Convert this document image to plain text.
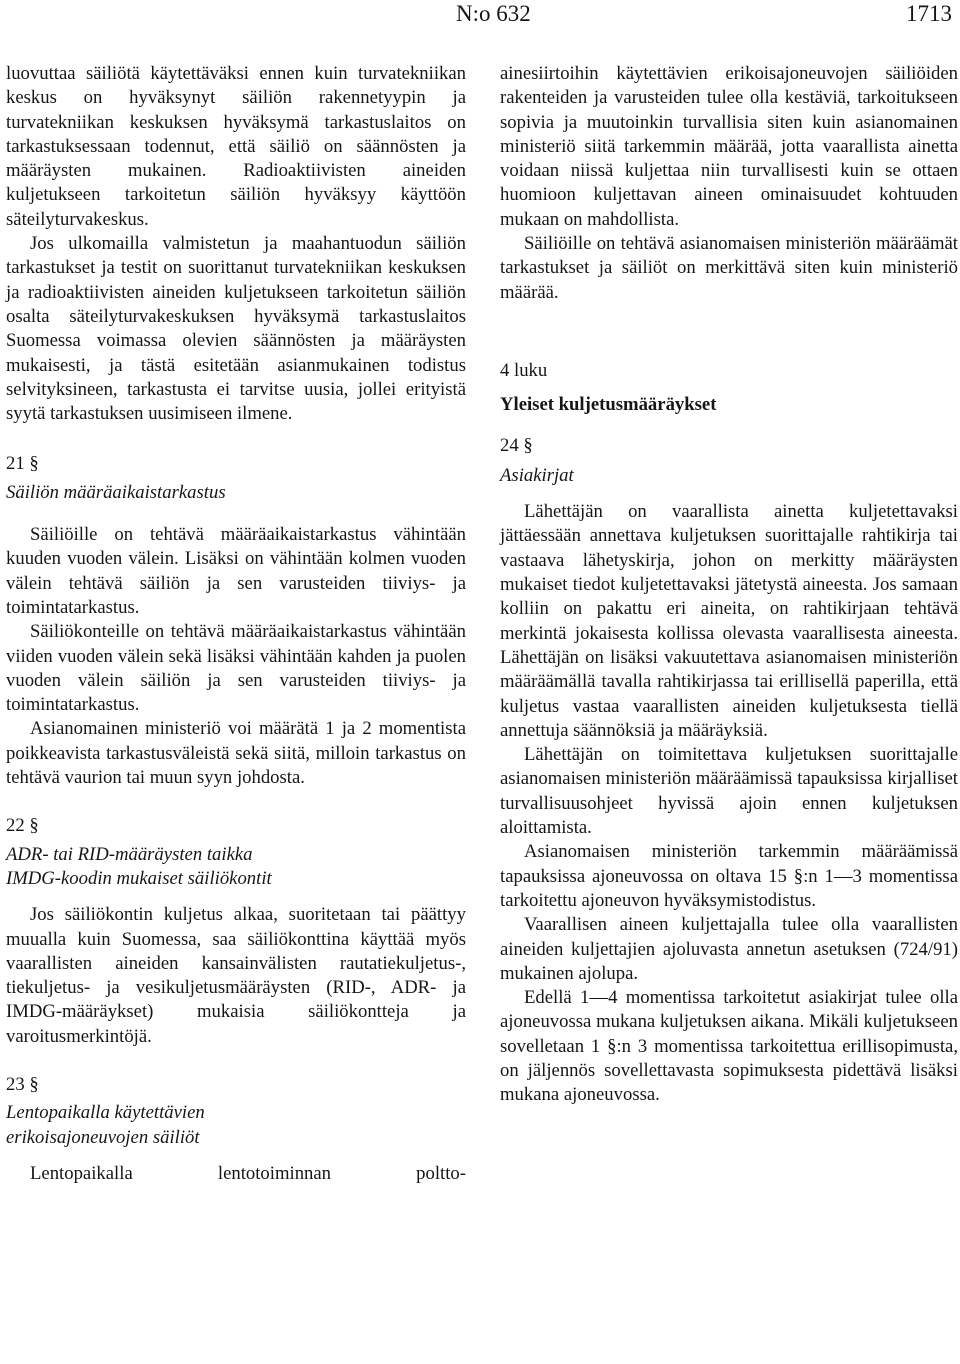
N:o 632	1713

luovuttaa säiliötä käytettäväksi ennen kuin turvatekniikan keskus on hyväksynyt säiliön rakennetyypin ja turvatekniikan keskuksen hyväksymä tarkastuslaitos on tarkastuksessaan todennut, että säiliö on säännösten ja määräysten mukainen. Radioaktiivisten aineiden kuljetukseen tarkoitetun säiliön hyväksyy käyttöön säteilyturvakeskus.

Jos ulkomailla valmistetun ja maahantuodun säiliön tarkastukset ja testit on suorittanut turvatekniikan keskuksen ja radioaktiivisten aineiden kuljetukseen tarkoitetun säiliön osalta säteilyturvakeskuksen hyväksymä tarkastuslaitos Suomessa voimassa olevien säännösten ja määräysten mukaisesti, ja tästä esitetään asianmukainen todistus selvityksineen, tarkastusta ei tarvitse uusia, jollei erityistä syytä tarkastuksen uusimiseen ilmene.

21 §

Säiliön määräaikaistarkastus

Säiliöille on tehtävä määräaikaistarkastus vähintään kuuden vuoden välein. Lisäksi on vähintään kolmen vuoden välein tehtävä säiliön ja sen varusteiden tiiviys- ja toimintatarkastus.

Säiliökonteille on tehtävä määräaikaistarkastus vähintään viiden vuoden välein sekä lisäksi vähintään kahden ja puolen vuoden välein säiliön ja sen varusteiden tiiviys- ja toimintatarkastus.

Asianomainen ministeriö voi määrätä 1 ja 2 momentista poikkeavista tarkastusväleistä sekä siitä, milloin tarkastus on tehtävä vaurion tai muun syyn johdosta.

22 §

ADR- tai RID-määräysten taikka

IMDG-koodin mukaiset säiliökontit

Jos säiliökontin kuljetus alkaa, suoritetaan tai päättyy muualla kuin Suomessa, saa säiliökonttina käyttää myös vaarallisten aineiden kansainvälisten rautatiekuljetus-, tiekuljetus- ja vesikuljetusmääräysten (RID-, ADR- ja IMDG-määräykset) mukaisia säiliökontteja ja varoitusmerkintöjä.

23 §

Lentopaikalla käytettävien

erikoisajoneuvojen säiliöt

Lentopaikalla lentotoiminnan poltto-

ainesiirtoihin käytettävien erikoisajoneuvojen säiliöiden rakenteiden ja varusteiden tulee olla kestäviä, tarkoitukseen sopivia ja muutoinkin turvallisia siten kuin asianomainen ministeriö siitä tarkemmin määrää, jotta vaarallista ainetta voidaan niissä kuljettaa niin turvallisesti kuin se ottaen huomioon kuljettavan aineen ominaisuudet kohtuuden mukaan on mahdollista.

Säiliöille on tehtävä asianomaisen ministeriön määräämät tarkastukset ja säiliöt on merkittävä siten kuin ministeriö määrää.

4 luku

Yleiset kuljetusmääräykset

24 §

Asiakirjat

Lähettäjän on vaarallista ainetta kuljetettavaksi jättäessään annettava kuljetuksen suorittajalle rahtikirja tai vastaava lähetyskirja, johon on merkitty määräysten mukaiset tiedot kuljetettavaksi jätetystä aineesta. Jos samaan kolliin on pakattu eri aineita, on rahtikirjaan tehtävä merkintä jokaisesta kollissa olevasta vaarallisesta aineesta. Lähettäjän on lisäksi vakuutettava asianomaisen ministeriön määräämällä tavalla rahtikirjassa tai erillisellä paperilla, että kuljetus vastaa vaarallisten aineiden kuljetuksesta tiellä annettuja säännöksiä ja määräyksiä.

Lähettäjän on toimitettava kuljetuksen suorittajalle asianomaisen ministeriön määräämissä tapauksissa kirjalliset turvallisuusohjeet hyvissä ajoin ennen kuljetuksen aloittamista.

Asianomaisen ministeriön tarkemmin määräämissä tapauksissa ajoneuvossa on oltava 15 §:n 1—3 momentissa tarkoitettu ajoneuvon hyväksymistodistus.

Vaarallisen aineen kuljettajalla tulee olla vaarallisten aineiden kuljettajien ajoluvasta annetun asetuksen (724/91) mukainen ajolupa.

Edellä 1—4 momentissa tarkoitetut asiakirjat tulee olla ajoneuvossa mukana kuljetuksen aikana. Mikäli kuljetukseen sovelletaan 1 §:n 3 momentissa tarkoitettua erillisopimusta, on jäljennös sovellettavasta sopimuksesta pidettävä lisäksi mukana ajoneuvossa.
